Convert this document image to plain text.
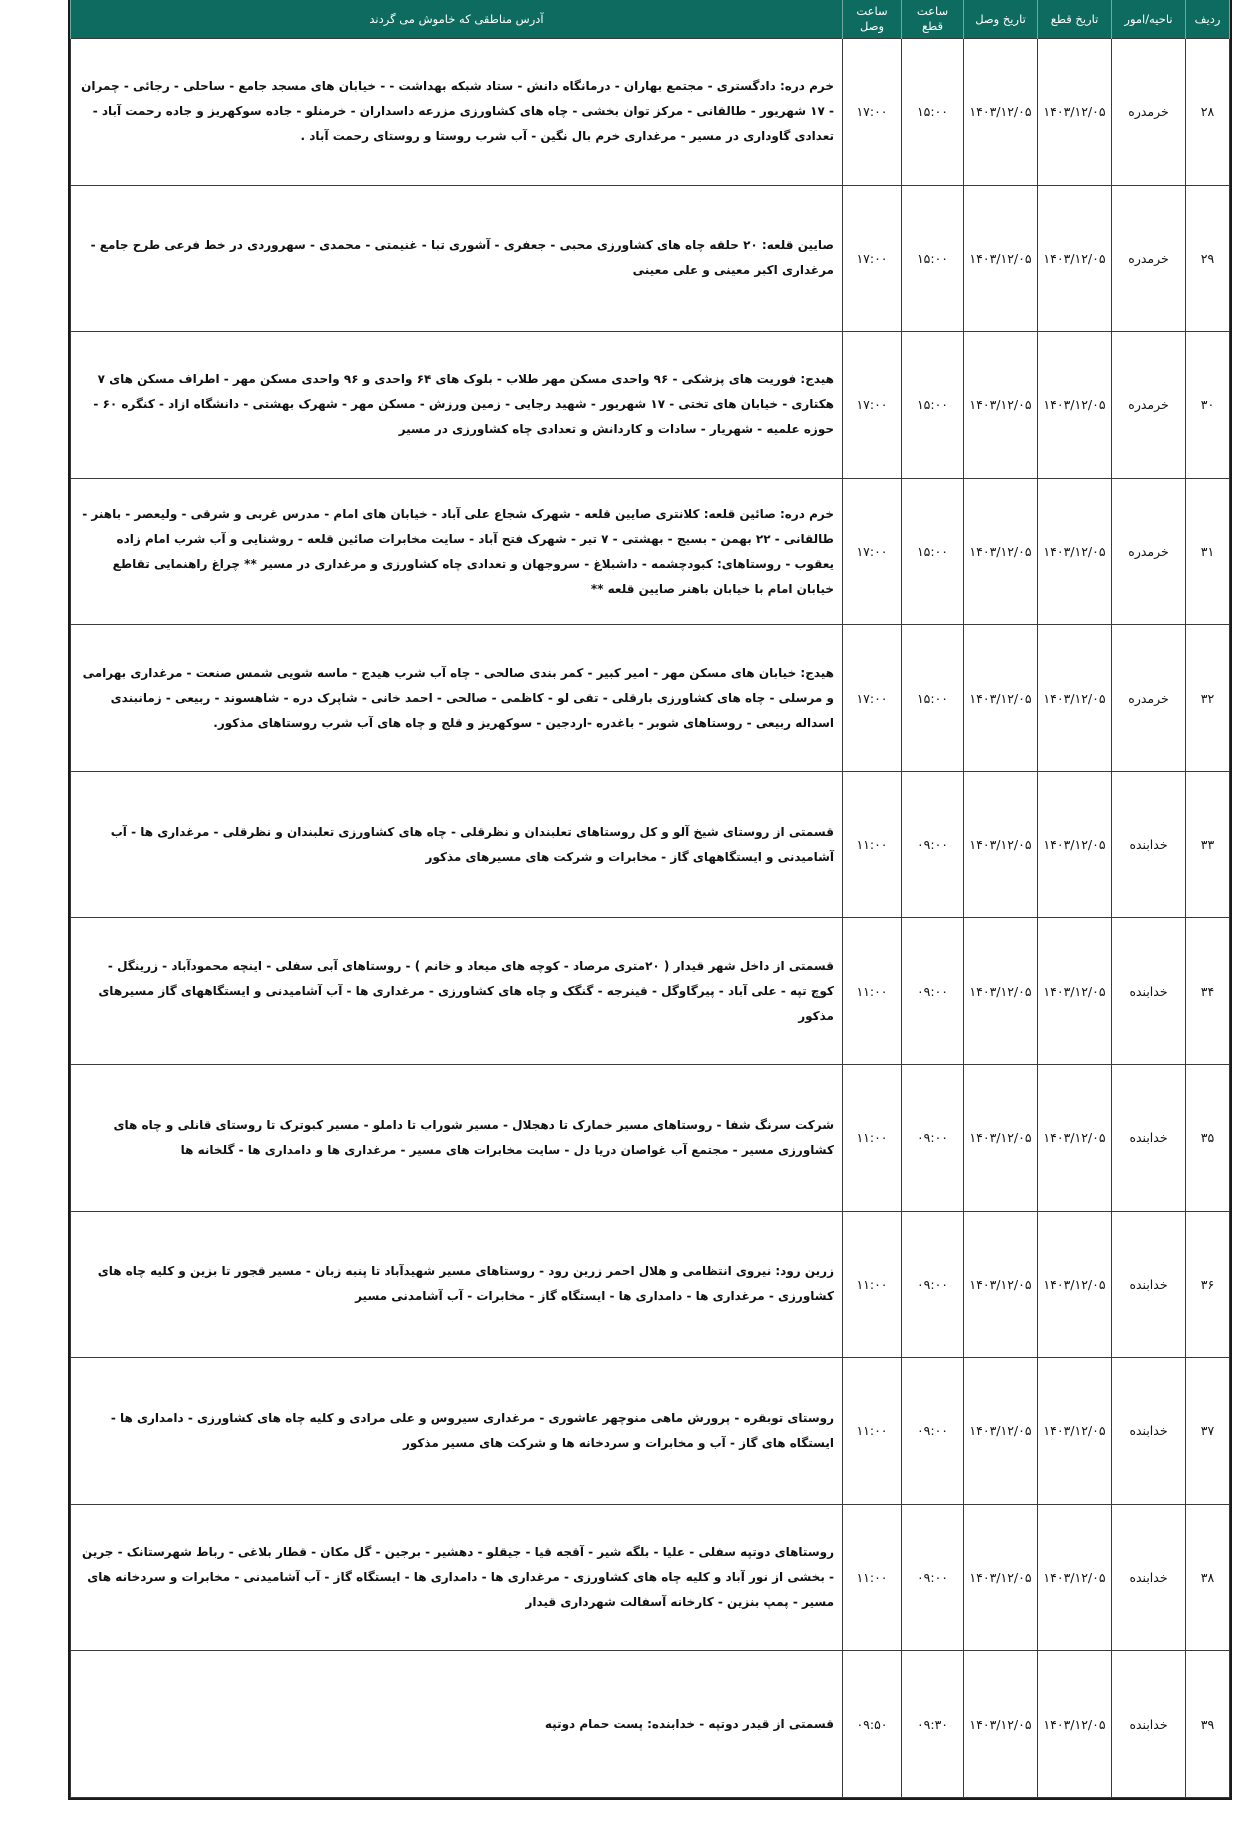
ردیف	ناحیه/امور	تاریخ قطع	تاریخ وصل	ساعت قطع	ساعت وصل	آدرس مناطقی که خاموش می گردند
۲۸	خرمدره	۱۴۰۳/۱۲/۰۵	۱۴۰۳/۱۲/۰۵	۱۵:۰۰	۱۷:۰۰	خرم دره: دادگستری - مجتمع بهاران - درمانگاه دانش - ستاد شبکه بهداشت - - خیابان های مسجد جامع - ساحلی - رجائی - چمران - ۱۷ شهریور - طالقانی - مرکز توان بخشی - چاه های کشاورزی مزرعه داسداران - خرمنلو - جاده سوکهریز و جاده رحمت آباد - تعدادی گاوداری در مسیر - مرغداری خرم بال نگین - آب شرب روستا و روستای رحمت آباد .
۲۹	خرمدره	۱۴۰۳/۱۲/۰۵	۱۴۰۳/۱۲/۰۵	۱۵:۰۰	۱۷:۰۰	صایین قلعه: ۲۰ حلقه چاه های کشاورزی محبی - جعفری - آشوری تبا - غنیمتی - محمدی - سهروردی در خط فرعی طرح جامع - مرغداری اکبر معینی و علی معینی
۳۰	خرمدره	۱۴۰۳/۱۲/۰۵	۱۴۰۳/۱۲/۰۵	۱۵:۰۰	۱۷:۰۰	هیدج: فوریت های پزشکی - ۹۶ واحدی مسکن مهر طلاب - بلوک های ۶۴ واحدی و ۹۶ واحدی مسکن مهر - اطراف مسکن های ۷ هکتاری - خیابان های تختی - ۱۷ شهریور - شهید رجایی - زمین ورزش - مسکن مهر - شهرک بهشتی - دانشگاه ازاد - کنگره ۶۰ - حوزه علمیه - شهریار - سادات و کاردانش و تعدادی چاه کشاورزی در مسیر
۳۱	خرمدره	۱۴۰۳/۱۲/۰۵	۱۴۰۳/۱۲/۰۵	۱۵:۰۰	۱۷:۰۰	خرم دره: صائین قلعه: کلانتری صایین قلعه - شهرک شجاع علی آباد - خیابان های امام - مدرس غربی و شرقی - ولیعصر - باهنر - طالقانی - ۲۲ بهمن - بسیج - بهشتی - ۷ تیر - شهرک فتح آباد - سایت مخابرات صائین قلعه - روشنایی و آب شرب امام زاده یعقوب - روستاهای: کبودچشمه - داشبلاغ - سروجهان و تعدادی چاه کشاورزی و مرغداری در مسیر ** چراغ راهنمایی تقاطع خیابان امام با خیابان باهنر صایین قلعه **
۳۲	خرمدره	۱۴۰۳/۱۲/۰۵	۱۴۰۳/۱۲/۰۵	۱۵:۰۰	۱۷:۰۰	هیدج: خیابان های مسکن مهر - امیر کبیر - کمر بندی صالحی - چاه آب شرب هیدج - ماسه شویی شمس صنعت - مرغداری بهرامی و مرسلی - چاه های کشاورزی بارقلی - تقی لو - کاظمی - صالحی - احمد خانی - شاپرک دره - شاهسوند - ربیعی - زمانبندی اسداله ربیعی - روستاهای شوبر - باغدره -اردجین - سوکهریز و قلج و چاه های آب شرب روستاهای مذکور.
۳۳	خدابنده	۱۴۰۳/۱۲/۰۵	۱۴۰۳/۱۲/۰۵	۰۹:۰۰	۱۱:۰۰	قسمتی از روستای شیخ آلو و کل روستاهای تعلبندان و نظرقلی - چاه های کشاورزی تعلبندان و نظرقلی - مرغداری ها - آب آشامیدنی و ایستگاههای گاز - مخابرات و شرکت های مسیرهای مذکور
۳۴	خدابنده	۱۴۰۳/۱۲/۰۵	۱۴۰۳/۱۲/۰۵	۰۹:۰۰	۱۱:۰۰	قسمتی از داخل شهر قیدار ( ۲۰متری مرصاد - کوچه های میعاد و خانم ) - روستاهای آبی سفلی - اینچه محمودآباد - زرینگل - کوچ تپه - علی آباد - پیرگاوگل - قینرجه - گنگک و چاه های کشاورزی - مرغداری ها - آب آشامیدنی و ایستگاههای گاز مسیرهای مذکور
۳۵	خدابنده	۱۴۰۳/۱۲/۰۵	۱۴۰۳/۱۲/۰۵	۰۹:۰۰	۱۱:۰۰	شرکت سرنگ شفا - روستاهای مسیر خمارک تا دهجلال - مسیر شوراب تا داملو - مسیر کبوترک تا روستای قانلی و چاه های کشاورزی مسیر - مجتمع آب غواصان دریا دل - سایت مخابرات های مسیر - مرغداری ها و دامداری ها - گلخانه ها
۳۶	خدابنده	۱۴۰۳/۱۲/۰۵	۱۴۰۳/۱۲/۰۵	۰۹:۰۰	۱۱:۰۰	زرین رود: نیروی انتظامی و هلال احمر زرین رود - روستاهای مسیر شهیدآباد تا پنبه زبان - مسیر قجور تا بزین و کلیه چاه های کشاورزی - مرغداری ها - دامداری ها - ایستگاه گاز - مخابرات - آب آشامدنی مسیر
۳۷	خدابنده	۱۴۰۳/۱۲/۰۵	۱۴۰۳/۱۲/۰۵	۰۹:۰۰	۱۱:۰۰	روستای توبقره - پرورش ماهی منوچهر عاشوری - مرغداری سیروس و علی مرادی و کلیه چاه های کشاورزی - دامداری ها - ایستگاه های گاز - آب و مخابرات و سردخانه ها و شرکت های مسیر مذکور
۳۸	خدابنده	۱۴۰۳/۱۲/۰۵	۱۴۰۳/۱۲/۰۵	۰۹:۰۰	۱۱:۰۰	روستاهای دوتپه سفلی - علیا - بلگه شیر - آقجه قیا - جیقلو - دهشیر - برجین - گل مکان - قطار بلاغی - رباط شهرستانک - جرین - بخشی از نور آباد و کلیه چاه های کشاورزی - مرغداری ها - دامداری ها - ایستگاه گاز - آب آشامیدنی - مخابرات و سردخانه های مسیر - پمپ بنزین - کارخانه آسفالت شهرداری قیدار
۳۹	خدابنده	۱۴۰۳/۱۲/۰۵	۱۴۰۳/۱۲/۰۵	۰۹:۳۰	۰۹:۵۰	قسمتی از قیدر دوتپه - خدابنده: پست حمام دوتپه
